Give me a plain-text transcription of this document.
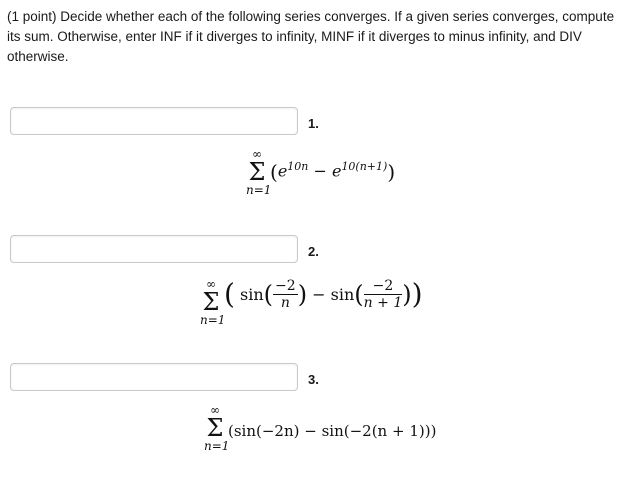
(1 point) Decide whether each of the following series converges. If a given series converges, compute its sum. Otherwise, enter INF if it diverges to infinity, MINF if it diverges to minus infinity, and DIV otherwise.
1.
∞
Σ
n=1
$(e^{10n} - e^{10(n+1)})$
2.
∞
Σ
n=1
( $\sin( \frac{-2}{n}$ ) − $\sin( \frac{-2}{n + 1}$ ))
3.
∞
Σ
n=1
(sin(−2n) − sin(−2(n + 1)))
